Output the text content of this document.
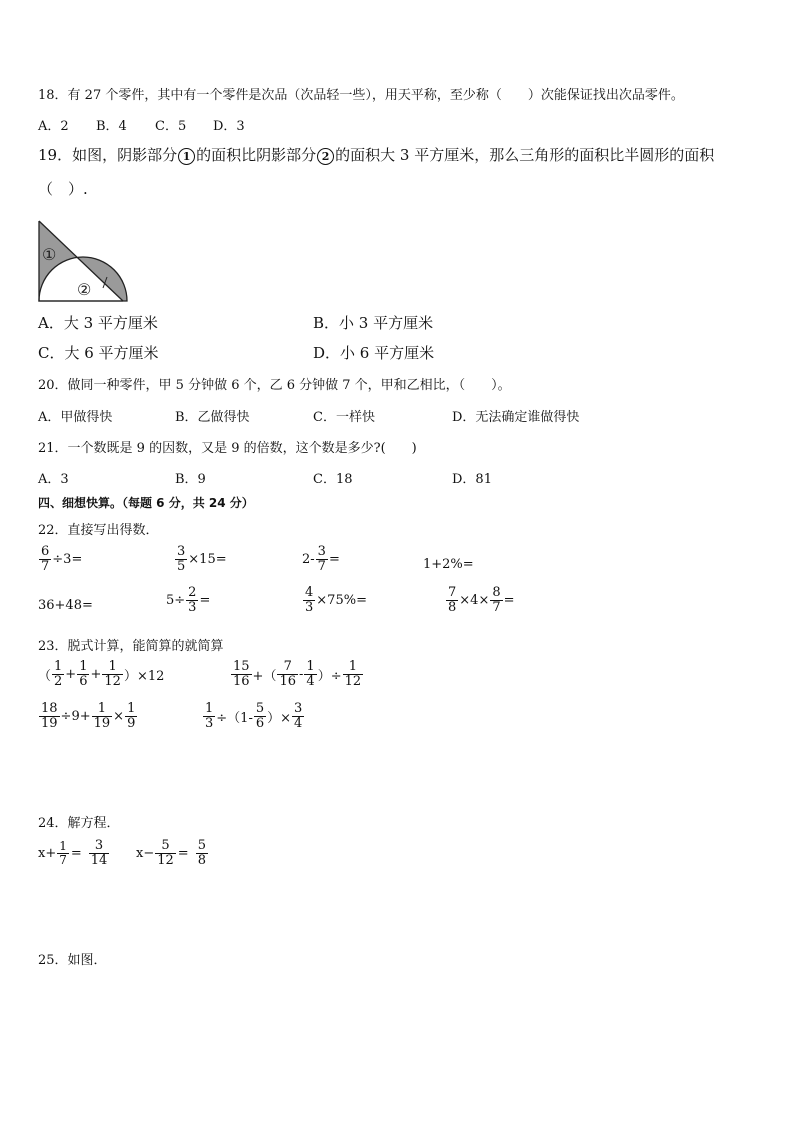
18．有 27 个零件，其中有一个零件是次品（次品轻一些），用天平称，至少称（　　）次能保证找出次品零件。
A．2 B．4 C．5 D．3
19．如图，阴影部分 1 的面积比阴影部分 2 的面积大 3 平方厘米，那么三角形的面积比半圆形的面积
（　）.
①
②
A．大 3 平方厘米	B．小 3 平方厘米
C．大 6 平方厘米	D．小 6 平方厘米
20．做同一种零件，甲 5 分钟做 6 个，乙 6 分钟做 7 个，甲和乙相比，（　　）。
A．甲做得快	B．乙做得快	C．一样快	D．无法确定谁做得快
21．一个数既是 9 的因数，又是 9 的倍数，这个数是多少?(　　)
A．3	B．9	C．18	D．81
四、细想快算。（每题 6 分，共 24 分）
22．直接写出得数．
$\frac{6}{7} \div 3=$	$\frac{3}{5} \times 15=$	$2- \frac{3}{7}$ =	1+2%=
36+48=	$5\div \frac{2}{3}$ =	$\frac{4}{3} \times 75\%=$	$\frac{7}{8} \times 4\times \frac{8}{7}$ =
23．脱式计算，能简算的就简算
（ $\frac{1}{2} + \frac{1}{6} + \frac{1}{12} )\times 12$	$\frac{15}{16}$ +（ $\frac{7}{16} - \frac{1}{4}$ ）÷ $\frac{1}{12}$
$\frac{18}{19} \div 9+ \frac{1}{19} \times \frac{1}{9}$	$\frac{1}{3} \div(1- \frac{5}{6}$ ）× $\frac{3}{4}$
24．解方程．
$x+ \frac{1}{7} = \frac{3}{14} x- \frac{5}{12} = \frac{5}{8}$
25．如图．
